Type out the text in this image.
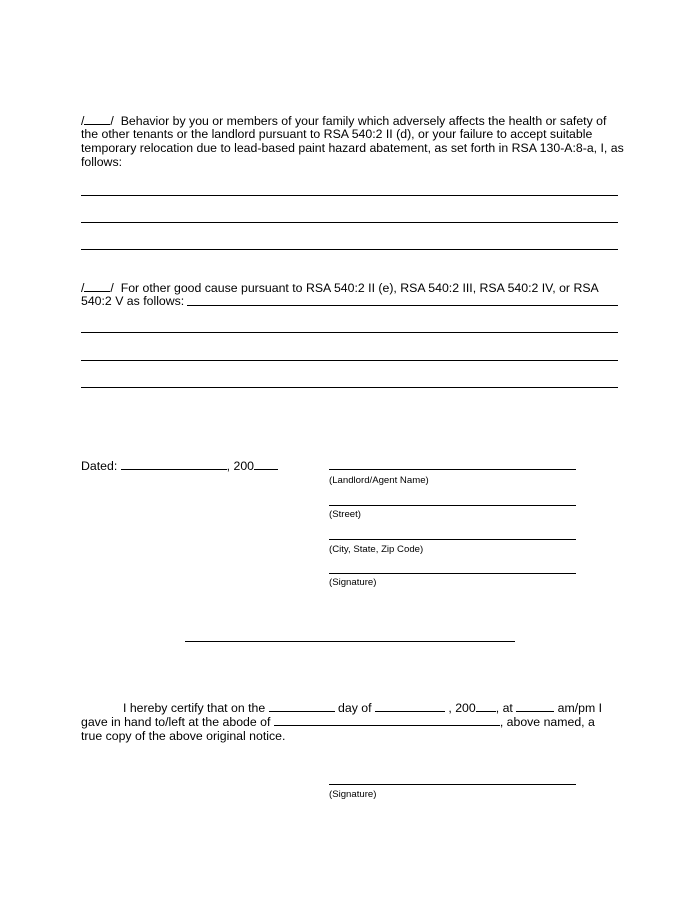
/ / Behavior by you or members of your family which adversely affects the health or safety of
the other tenants or the landlord pursuant to RSA 540:2 II (d), or your failure to accept suitable
temporary relocation due to lead-based paint hazard abatement, as set forth in RSA 130-A:8-a, I, as
follows:
/ / For other good cause pursuant to RSA 540:2 II (e), RSA 540:2 III, RSA 540:2 IV, or RSA
540:2 V as follows:
Dated:	, 200
(Landlord/Agent Name)
(Street)
(City, State, Zip Code)
(Signature)
I hereby certify that on the	day of	, 200 , at	am/pm I
gave in hand to/left at the abode of	, above named, a
true copy of the above original notice.
(Signature)
